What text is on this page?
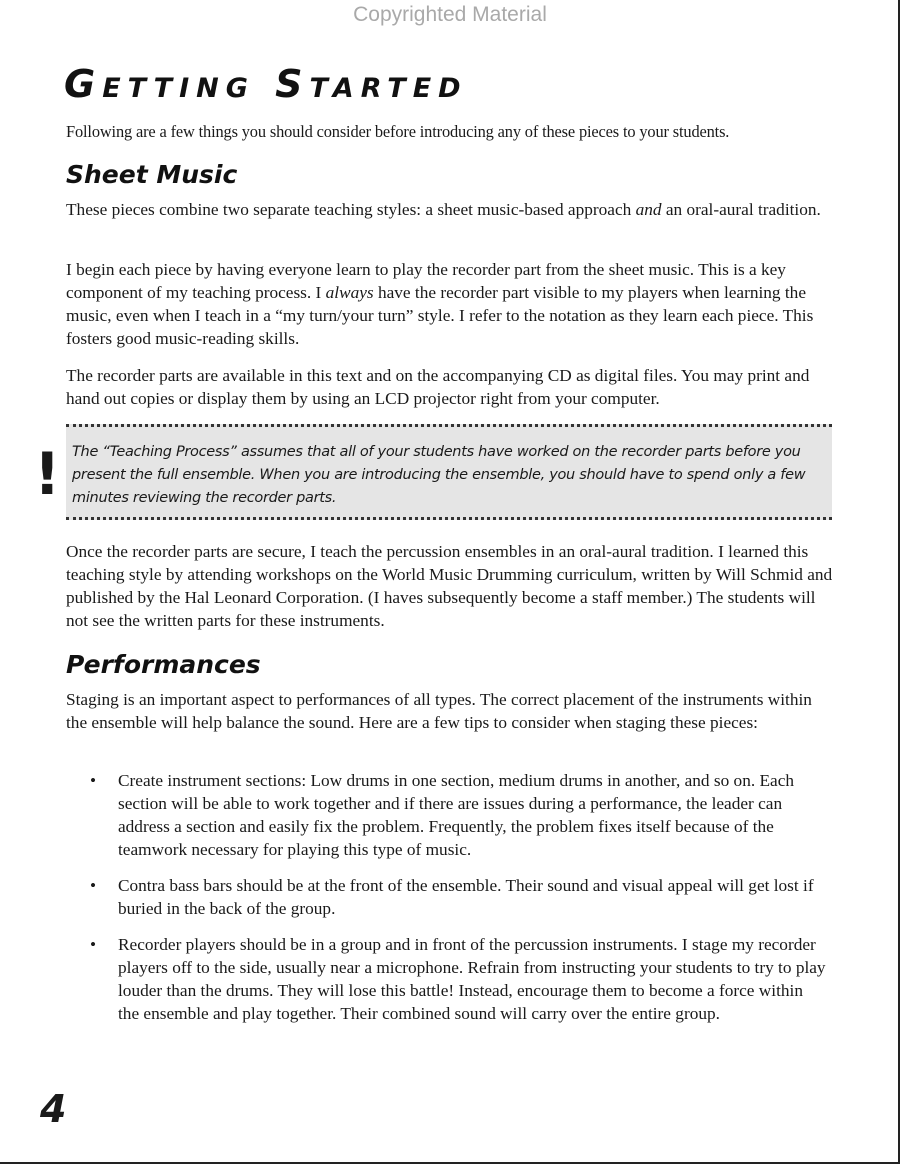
Copyrighted Material
Getting Started

Following are a few things you should consider before introducing any of these pieces to your students.

Sheet Music

These pieces combine two separate teaching styles: a sheet music-based approach and an oral-aural tradition.

I begin each piece by having everyone learn to play the recorder part from the sheet music. This is a key component of my teaching process. I always have the recorder part visible to my players when learning the music, even when I teach in a “my turn/your turn” style. I refer to the notation as they learn each piece. This fosters good music-reading skills.

The recorder parts are available in this text and on the accompanying CD as digital files. You may print and hand out copies or display them by using an LCD projector right from your computer.

! The “Teaching Process” assumes that all of your students have worked on the recorder parts before you present the full ensemble. When you are introducing the ensemble, you should have to spend only a few minutes reviewing the recorder parts.

Once the recorder parts are secure, I teach the percussion ensembles in an oral-aural tradition. I learned this teaching style by attending workshops on the World Music Drumming curriculum, written by Will Schmid and published by the Hal Leonard Corporation. (I haves subsequently become a staff member.) The students will not see the written parts for these instruments.

Performances

Staging is an important aspect to performances of all types. The correct placement of the instruments within the ensemble will help balance the sound. Here are a few tips to consider when staging these pieces:

• Create instrument sections: Low drums in one section, medium drums in another, and so on. Each section will be able to work together and if there are issues during a performance, the leader can address a section and easily fix the problem. Frequently, the problem fixes itself because of the teamwork necessary for playing this type of music.
• Contra bass bars should be at the front of the ensemble. Their sound and visual appeal will get lost if buried in the back of the group.
• Recorder players should be in a group and in front of the percussion instruments. I stage my recorder players off to the side, usually near a microphone. Refrain from instructing your students to try to play louder than the drums. They will lose this battle! Instead, encourage them to become a force within the ensemble and play together. Their combined sound will carry over the entire group.
4
